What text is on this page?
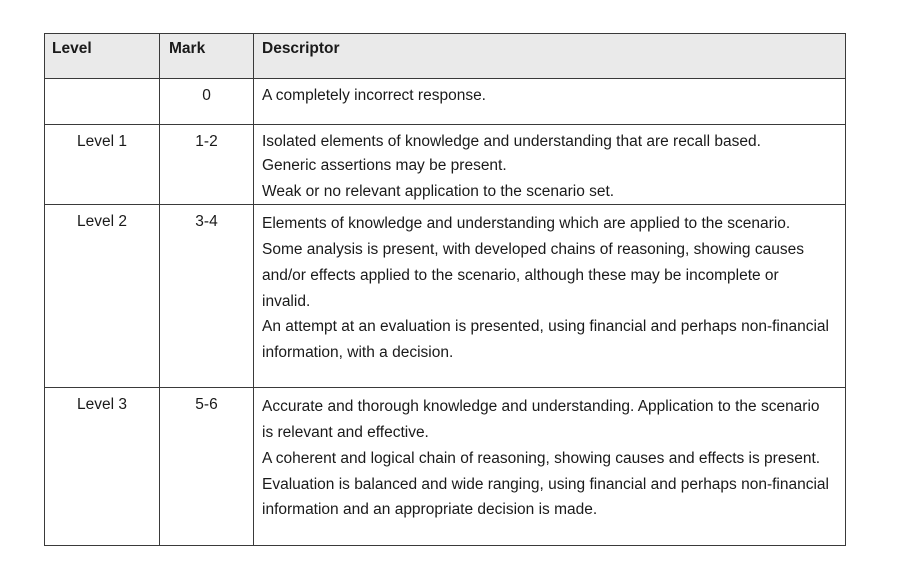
Level	Mark	Descriptor

	0	A completely incorrect response.

Level 1	1-2	Isolated elements of knowledge and understanding that are recall based.
Generic assertions may be present.
Weak or no relevant application to the scenario set.

Level 2	3-4	Elements of knowledge and understanding which are applied to the scenario.
Some analysis is present, with developed chains of reasoning, showing causes and/or effects applied to the scenario, although these may be incomplete or invalid.
An attempt at an evaluation is presented, using financial and perhaps non-financial information, with a decision.

Level 3	5-6	Accurate and thorough knowledge and understanding. Application to the scenario is relevant and effective.
A coherent and logical chain of reasoning, showing causes and effects is present.
Evaluation is balanced and wide ranging, using financial and perhaps non-financial information and an appropriate decision is made.
